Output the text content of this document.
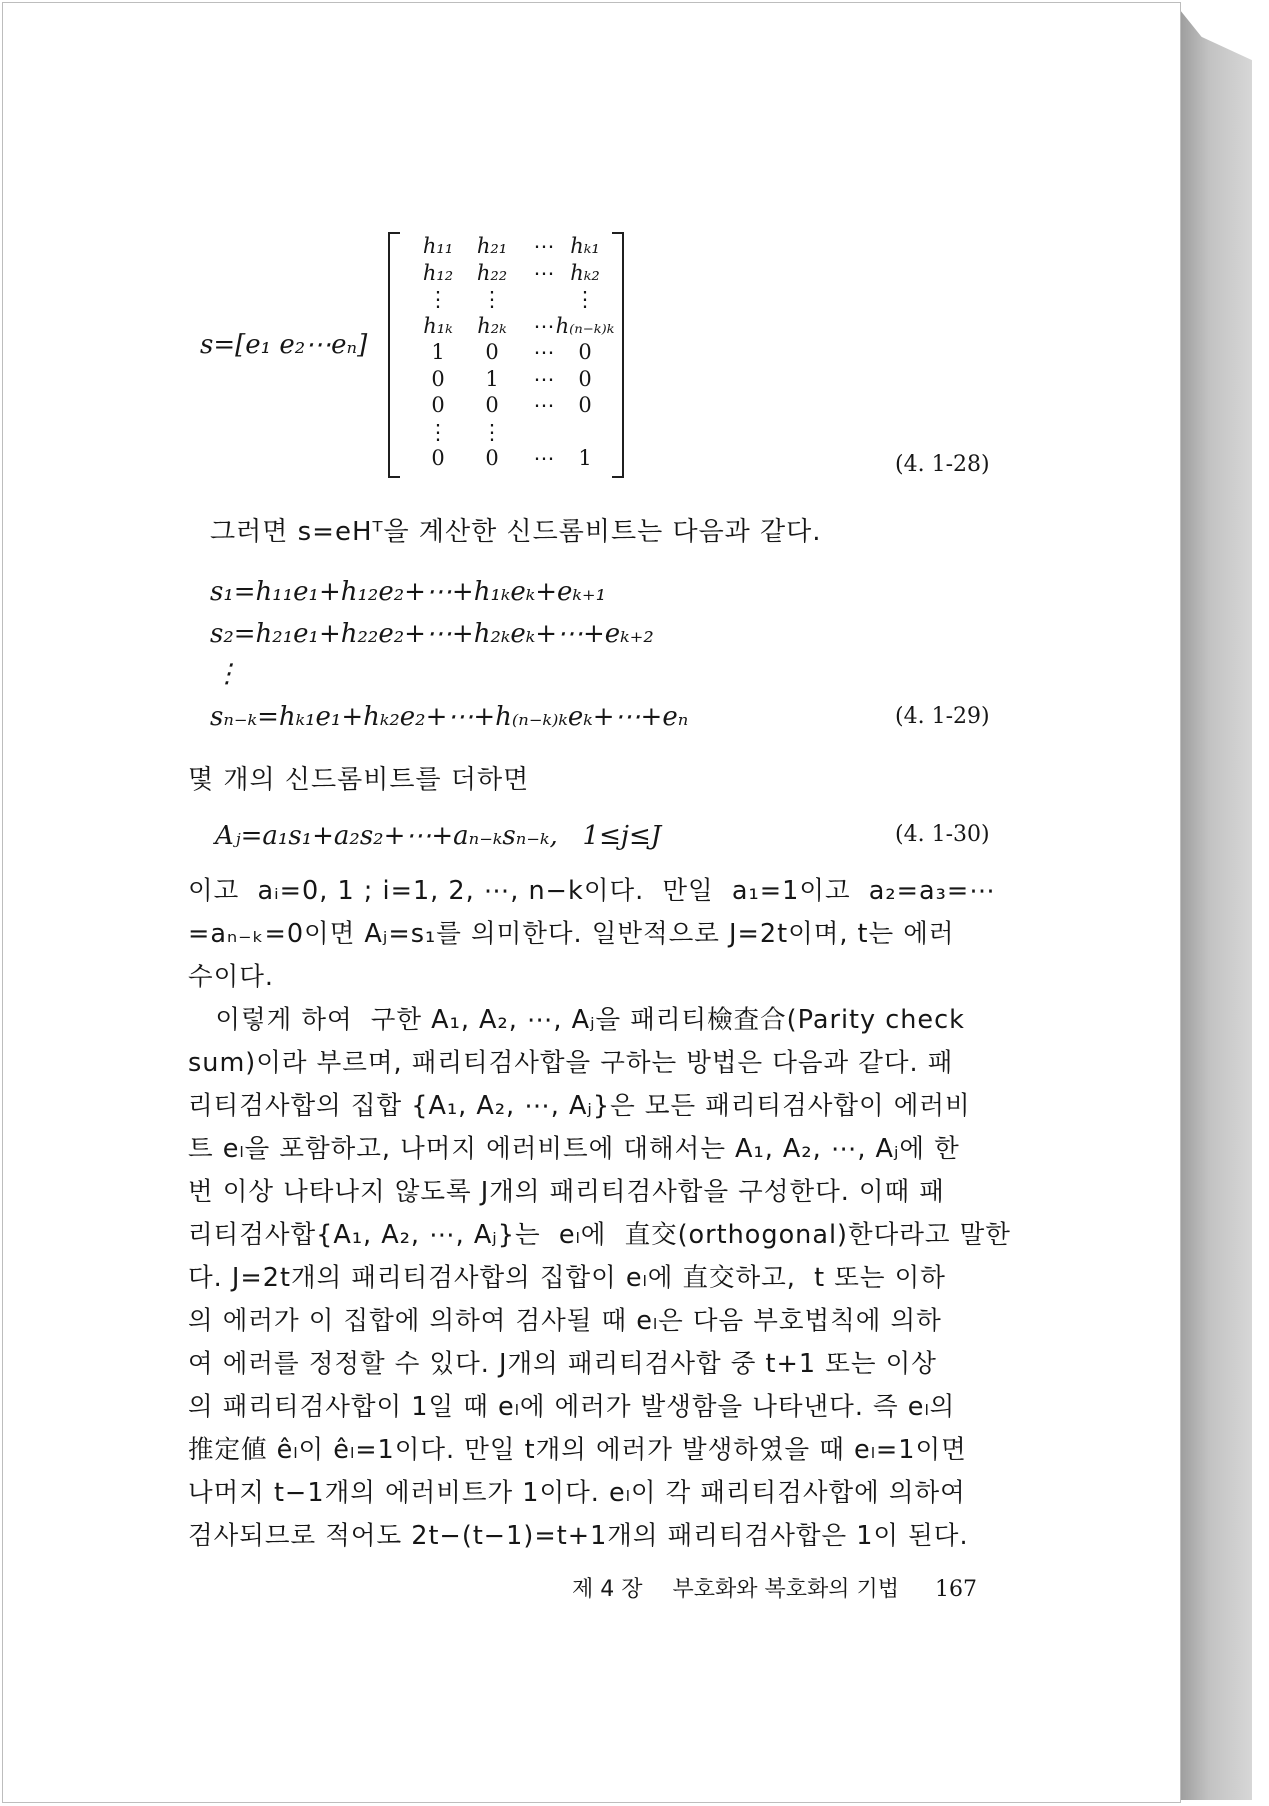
s=[e₁ e₂⋯eₙ]
h₁₁	h₂₁	⋯ hₖ₁
h₁₂	h₂₂	⋯ hₖ₂
⋮	⋮	⋮
h₁ₖ	h₂ₖ	⋯ h₍ₙ₋ₖ₎ₖ
1	0	⋯	0
0	1	⋯	0
0	0	⋯	0
⋮	⋮
0	0	⋯	1	(4. 1-28)
그러면 s=eHᵀ을 계산한 신드롬비트는 다음과 같다.
s₁=h₁₁e₁+h₁₂e₂+⋯+h₁ₖeₖ+eₖ₊₁
s₂=h₂₁e₁+h₂₂e₂+⋯+h₂ₖeₖ+⋯+eₖ₊₂
⋮
sₙ₋ₖ=hₖ₁e₁+hₖ₂e₂+⋯+h₍ₙ₋ₖ₎ₖeₖ+⋯+eₙ	(4. 1-29)
몇 개의 신드롬비트를 더하면
Aⱼ=a₁s₁+a₂s₂+⋯+aₙ₋ₖsₙ₋ₖ,   1≤j≤J	(4. 1-30)
이고  aᵢ=0, 1 ; i=1, 2, ⋯, n−k이다.  만일  a₁=1이고  a₂=a₃=⋯
=aₙ₋ₖ=0이면 Aⱼ=s₁를 의미한다. 일반적으로 J=2t이며, t는 에러
수이다.
이렇게 하여  구한 A₁, A₂, ⋯, Aⱼ을 패리티檢査合(Parity check
sum)이라 부르며, 패리티검사합을 구하는 방법은 다음과 같다. 패
리티검사합의 집합 {A₁, A₂, ⋯, Aⱼ}은 모든 패리티검사합이 에러비
트 eₗ을 포함하고, 나머지 에러비트에 대해서는 A₁, A₂, ⋯, Aⱼ에 한
번 이상 나타나지 않도록 J개의 패리티검사합을 구성한다. 이때 패
리티검사합{A₁, A₂, ⋯, Aⱼ}는  eₗ에  直交(orthogonal)한다라고 말한
다. J=2t개의 패리티검사합의 집합이 eₗ에 直交하고,  t 또는 이하
의 에러가 이 집합에 의하여 검사될 때 eₗ은 다음 부호법칙에 의하
여 에러를 정정할 수 있다. J개의 패리티검사합 중 t+1 또는 이상
의 패리티검사합이 1일 때 eₗ에 에러가 발생함을 나타낸다. 즉 eₗ의
推定値 êₗ이 êₗ=1이다. 만일 t개의 에러가 발생하였을 때 eₗ=1이면
나머지 t−1개의 에러비트가 1이다. eₗ이 각 패리티검사합에 의하여
검사되므로 적어도 2t−(t−1)=t+1개의 패리티검사합은 1이 된다.
제 4 장 부호화와 복호화의 기법 167
